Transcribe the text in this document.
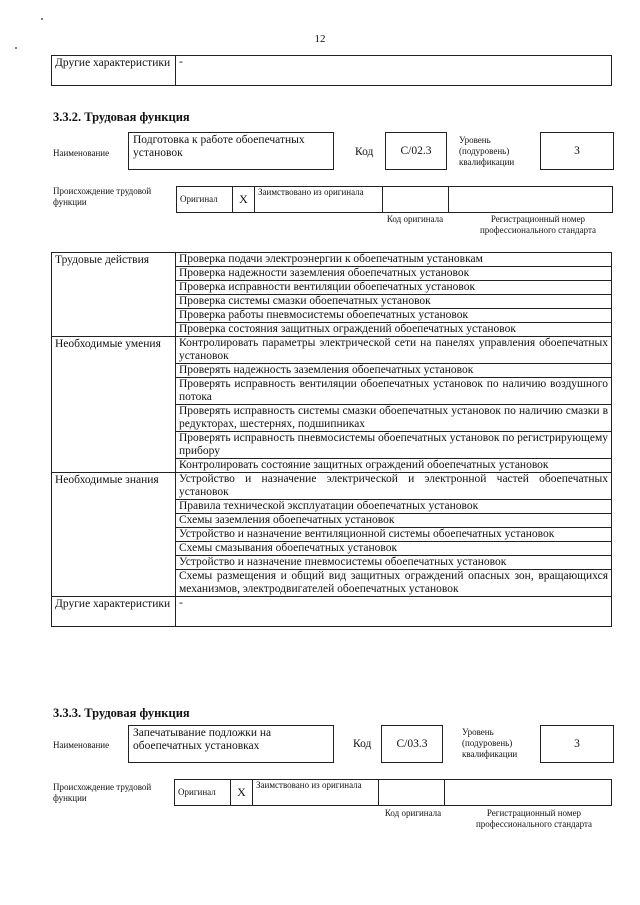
12
Другие характеристики	-
3.3.2. Трудовая функция
Наименование
Подготовка к работе обоепечатных установок	Код	С/02.3
Уровень (подуровень) квалификации
3
Происхождение трудовой функции	Оригинал	X	Заимствовано из оригинала		
Код оригинала	Регистрационный номер профессионального стандарта
Трудовые действия	Проверка подачи электроэнергии к обоепечатным установкам
	Проверка надежности заземления обоепечатных установок
	Проверка исправности вентиляции обоепечатных установок
	Проверка системы смазки обоепечатных установок
	Проверка работы пневмосистемы обоепечатных установок
	Проверка состояния защитных ограждений обоепечатных установок
Необходимые умения	Контролировать параметры электрической сети на панелях управления обоепечатных установок
	Проверять надежность заземления обоепечатных установок
	Проверять исправность вентиляции обоепечатных установок по наличию воздушного потока
	Проверять исправность системы смазки обоепечатных установок по наличию смазки в редукторах, шестернях, подшипниках
	Проверять исправность пневмосистемы обоепечатных установок по регистрирующему прибору
	Контролировать состояние защитных ограждений обоепечатных установок
Необходимые знания	Устройство и назначение электрической и электронной частей обоепечатных установок
	Правила технической эксплуатации обоепечатных установок
	Схемы заземления обоепечатных установок
	Устройство и назначение вентиляционной системы обоепечатных установок
	Схемы смазывания обоепечатных установок
	Устройство и назначение пневмосистемы обоепечатных установок
	Схемы размещения и общий вид защитных ограждений опасных зон, вращающихся механизмов, электродвигателей обоепечатных установок
Другие характеристики	-
3.3.3. Трудовая функция
Наименование
Запечатывание подложки на обоепечатных установках	Код	С/03.3
Уровень (подуровень) квалификации
3
Происхождение трудовой функции
Оригинал	X	Заимствовано из оригинала		
Код оригинала	Регистрационный номер профессионального стандарта
